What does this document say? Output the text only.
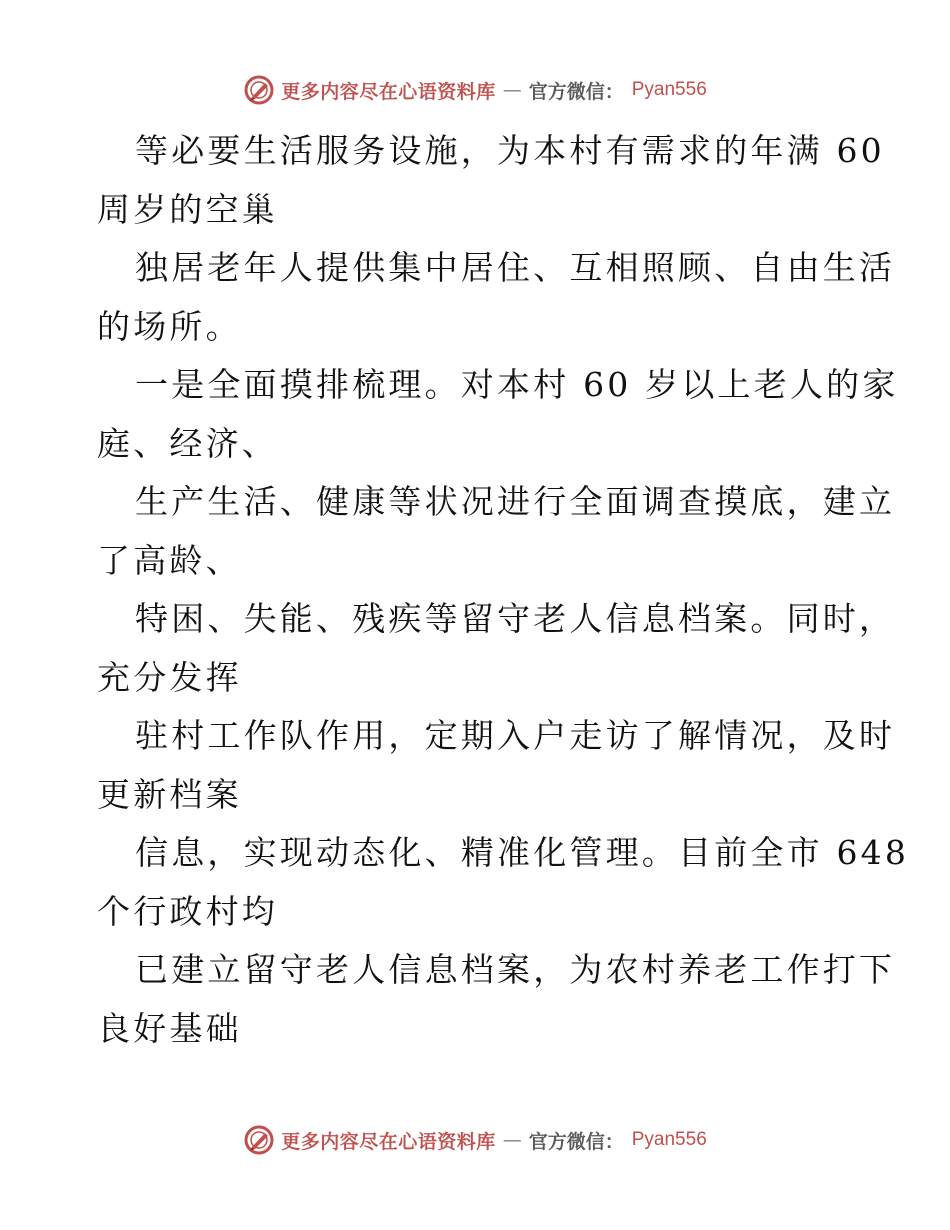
更多内容尽在心语资料库 — 官方微信： Pyan556
等必要生活服务设施，为本村有需求的年满 60
周岁的空巢
独居老年人提供集中居住、互相照顾、自由生活
的场所。
一是全面摸排梳理。对本村 60 岁以上老人的家
庭、经济、
生产生活、健康等状况进行全面调查摸底，建立
了高龄、
特困、失能、残疾等留守老人信息档案。同时，
充分发挥
驻村工作队作用，定期入户走访了解情况，及时
更新档案
信息，实现动态化、精准化管理。目前全市 648
个行政村均
已建立留守老人信息档案，为农村养老工作打下
良好基础
更多内容尽在心语资料库 — 官方微信： Pyan556
